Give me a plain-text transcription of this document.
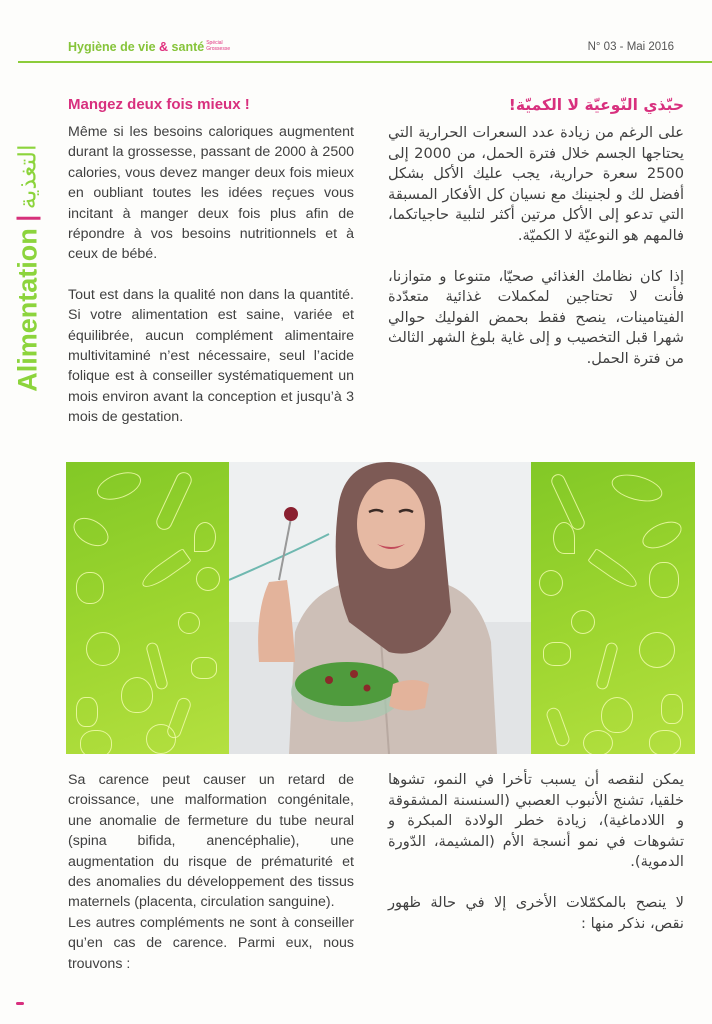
Hygiène de vie & santé Spécial
Grossesse	N° 03 - Mai 2016
Alimentation
التغذية
Mangez deux fois mieux !

Même si les besoins caloriques augmentent durant la grossesse, passant de 2000 à 2500 calories, vous devez manger deux fois mieux en oubliant toutes les idées reçues vous incitant à manger deux fois plus afin de répondre à vos besoins nutritionnels et à ceux de bébé.

Tout est dans la qualité non dans la quantité. Si votre alimentation est saine, variée et équilibrée, aucun complément alimentaire multivitaminé n’est nécessaire, seul l’acide folique est à conseiller systématiquement un mois environ avant la conception et jusqu’à 3 mois de gestation.

حبّذي النّوعيّة لا الكميّة!

على الرغم من زيادة عدد السعرات الحرارية التي يحتاجها الجسم خلال فترة الحمل، من 2000 إلى 2500 سعرة حرارية، يجب عليك الأكل بشكل أفضل لك و لجنينك مع نسيان كل الأفكار المسبقة التي تدعو إلى الأكل مرتين أكثر لتلبية حاجياتكما، فالمهم هو النوعيّة لا الكميّة.

إذا كان نظامك الغذائي صحيّا، متنوعا و متوازنا، فأنت لا تحتاجين لمكملات غذائية متعدّدة الفيتامينات، ينصح فقط بحمض الفوليك حوالي شهرا قبل التخصيب و إلى غاية بلوغ الشهر الثالث من فترة الحمل.

Sa carence peut causer un retard de croissance, une malformation congénitale, une anomalie de fermeture du tube neural (spina bifida, anencéphalie), une augmentation du risque de prématurité et des anomalies du développement des tissus maternels (placenta, circulation sanguine).

Les autres compléments ne sont à conseiller qu’en cas de carence. Parmi eux, nous trouvons :

يمكن لنقصه أن يسبب تأخرا في النمو، تشوها خلقيا، تشنج الأنبوب العصبي (السنسنة المشقوقة و اللادماغية)، زيادة خطر الولادة المبكرة و تشوهات في نمو أنسجة الأم (المشيمة، الدّورة الدموية).

لا ينصح بالمكمّلات الأخرى إلا في حالة ظهور نقص، نذكر منها :
